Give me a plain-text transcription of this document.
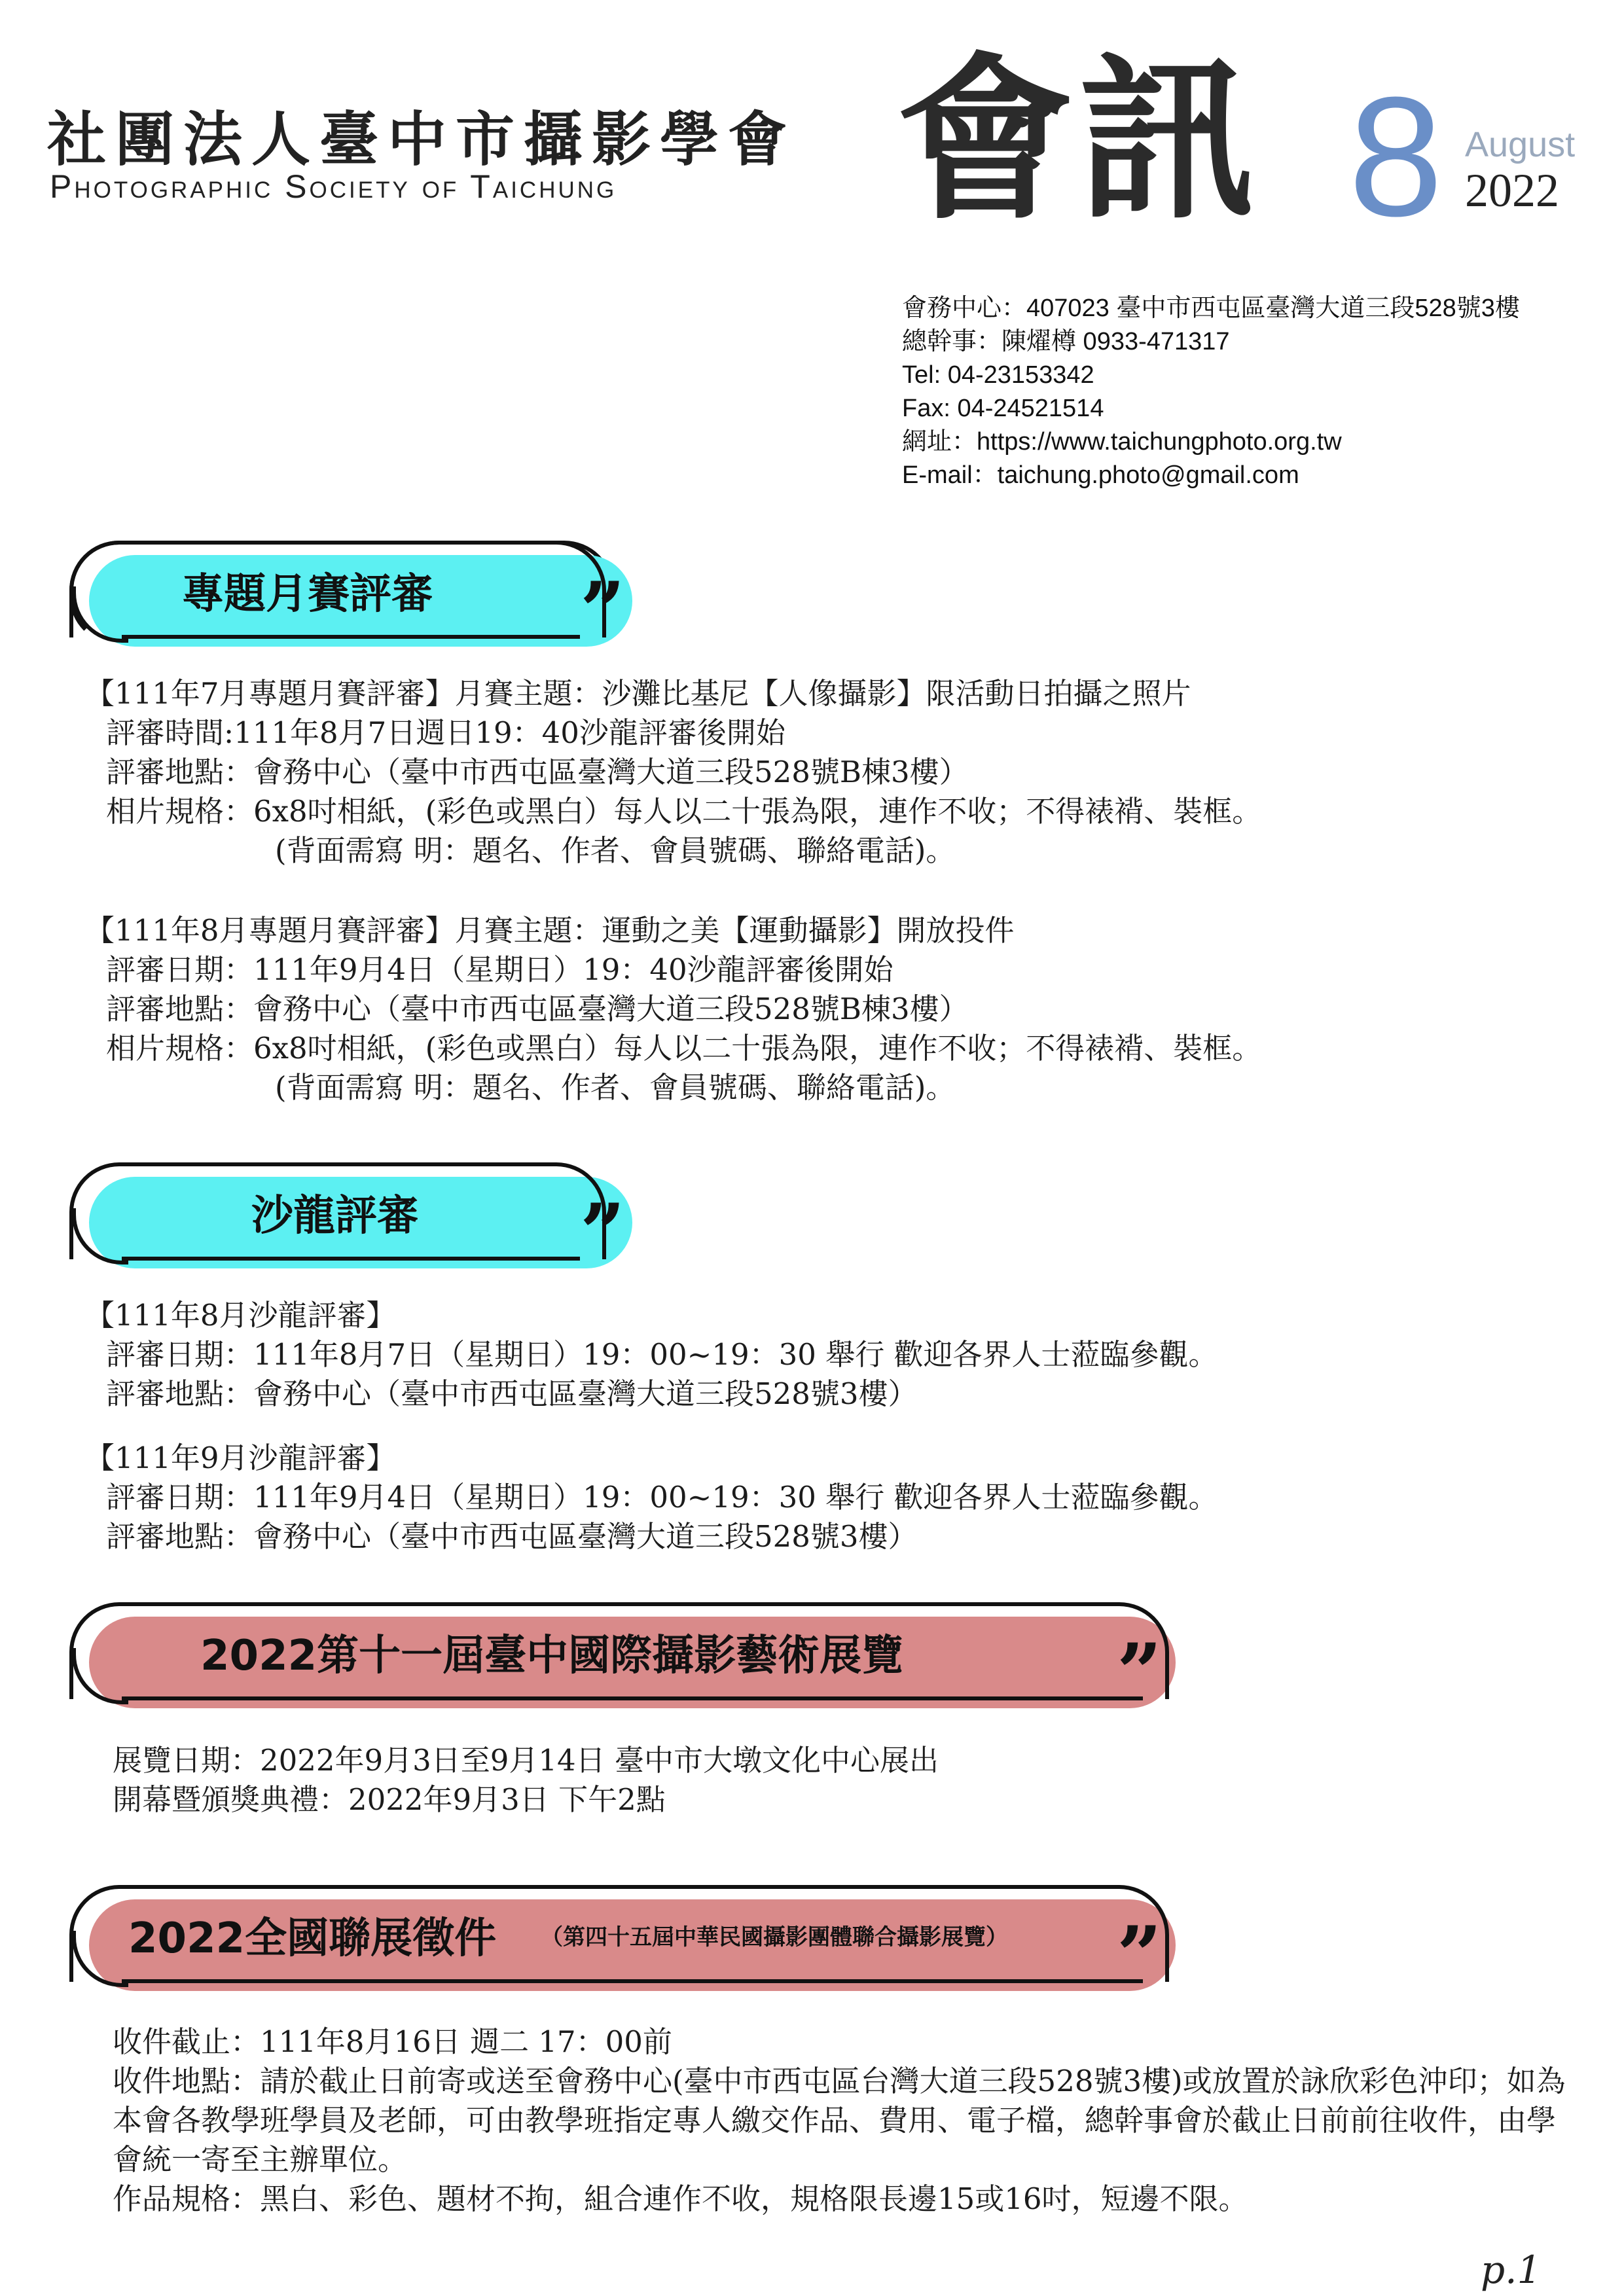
社團法人臺中市攝影學會
Photographic Society of Taichung 會訊 8 August
2022
會務中心：407023 臺中市西屯區臺灣大道三段528號3樓
總幹事：陳燿樽 0933-471317
Tel: 04-23153342
Fax: 04-24521514
網址：https://www.taichungphoto.org.tw
E-mail：taichung.photo@gmail.com
專題月賽評審 ”
【111年7月專題月賽評審】月賽主題：沙灘比基尼【人像攝影】限活動日拍攝之照片
評審時間:111年8月7日週日19：40沙龍評審後開始
評審地點：會務中心（臺中市西屯區臺灣大道三段528號B棟3樓）
相片規格：6x8吋相紙，(彩色或黑白）每人以二十張為限，連作不收；不得裱褙、裝框。
(背面需寫 明：題名、作者、會員號碼、聯絡電話)。
【111年8月專題月賽評審】月賽主題：運動之美【運動攝影】開放投件
評審日期：111年9月4日（星期日）19：40沙龍評審後開始
評審地點：會務中心（臺中市西屯區臺灣大道三段528號B棟3樓）
相片規格：6x8吋相紙，(彩色或黑白）每人以二十張為限，連作不收；不得裱褙、裝框。
(背面需寫 明：題名、作者、會員號碼、聯絡電話)。
沙龍評審 ”
【111年8月沙龍評審】
評審日期：111年8月7日（星期日）19：00~19：30 舉行 歡迎各界人士蒞臨參觀。
評審地點：會務中心（臺中市西屯區臺灣大道三段528號3樓）
【111年9月沙龍評審】
評審日期：111年9月4日（星期日）19：00~19：30 舉行 歡迎各界人士蒞臨參觀。
評審地點：會務中心（臺中市西屯區臺灣大道三段528號3樓）
2022第十一屆臺中國際攝影藝術展覽	”
展覽日期：2022年9月3日至9月14日 臺中市大墩文化中心展出
開幕暨頒獎典禮：2022年9月3日 下午2點
2022全國聯展徵件 （第四十五屆中華民國攝影團體聯合攝影展覽） ”
收件截止：111年8月16日 週二 17：00前
收件地點：請於截止日前寄或送至會務中心(臺中市西屯區台灣大道三段528號3樓)或放置於詠欣彩色沖印；如為本會各教學班學員及老師，可由教學班指定專人繳交作品、費用、電子檔，總幹事會於截止日前前往收件，由學會統一寄至主辦單位。
作品規格：黑白、彩色、題材不拘，組合連作不收，規格限長邊15或16吋，短邊不限。
p.1
